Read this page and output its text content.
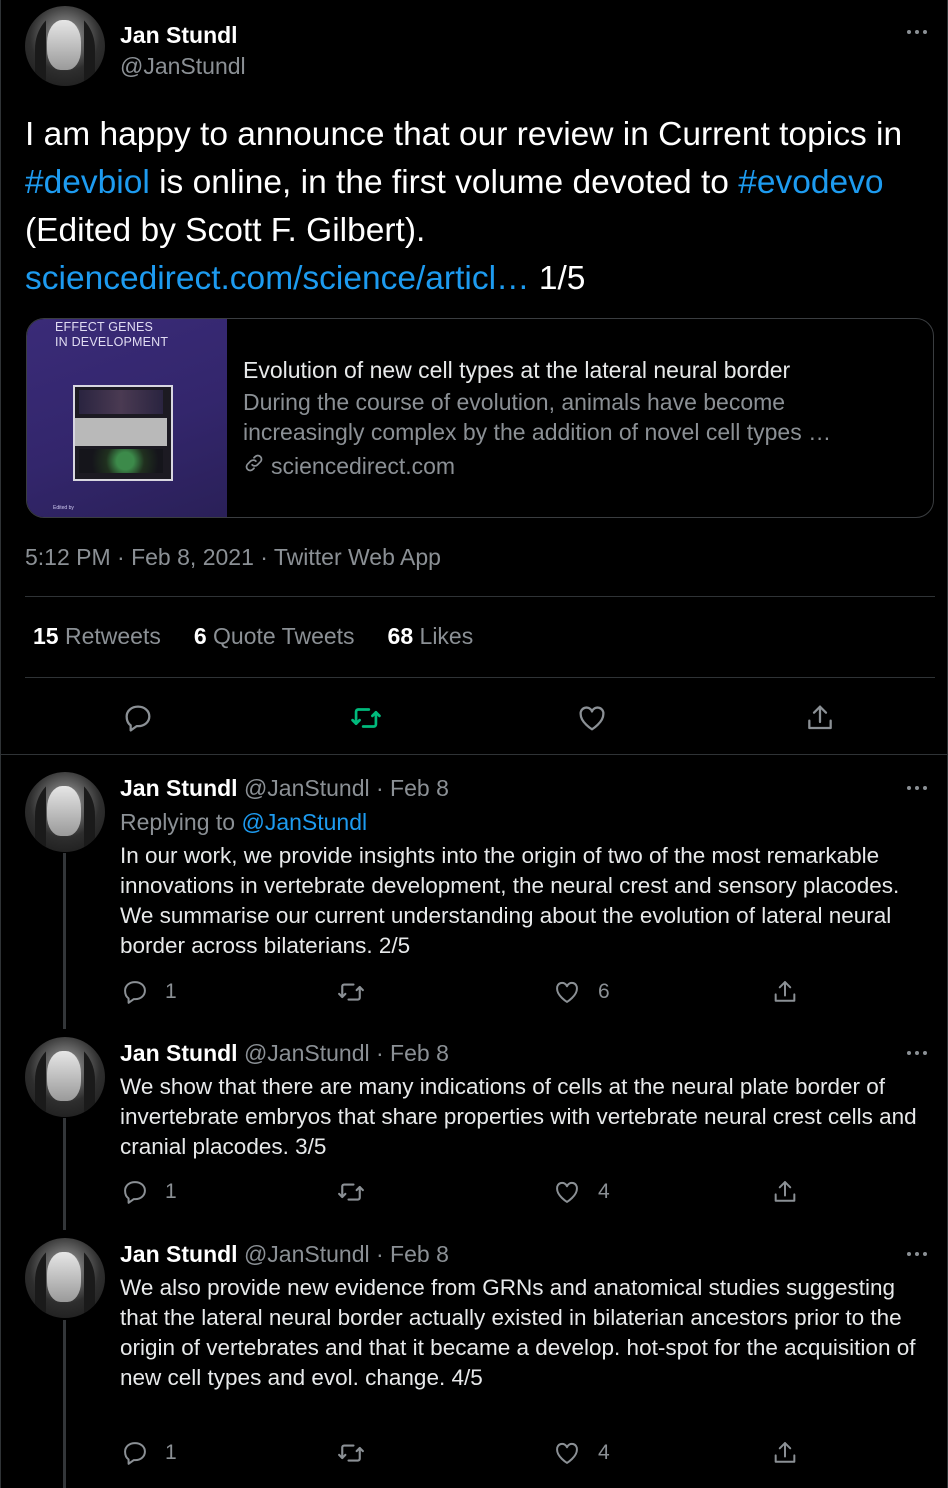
Jan Stundl
@JanStundl
I am happy to announce that our review in Current topics in #devbiol is online, in the first volume devoted to #evodevo (Edited by Scott F. Gilbert).
sciencedirect.com/science/articl… 1/5
EFFECT GENES
IN DEVELOPMENT
Edited by
Evolution of new cell types at the lateral neural border
During the course of evolution, animals have become
increasingly complex by the addition of novel cell types …
sciencedirect.com
5:12 PM · Feb 8, 2021 · Twitter Web App
15 Retweets 6 Quote Tweets 68 Likes
Jan Stundl @JanStundl · Feb 8
Replying to @JanStundl
In our work, we provide insights into the origin of two of the most remarkable innovations in vertebrate development, the neural crest and sensory placodes. We summarise our current understanding about the evolution of lateral neural border across bilaterians. 2/5
1	6
Jan Stundl @JanStundl · Feb 8
We show that there are many indications of cells at the neural plate border of invertebrate embryos that share properties with vertebrate neural crest cells and cranial placodes. 3/5
1	4
Jan Stundl @JanStundl · Feb 8
We also provide new evidence from GRNs and anatomical studies suggesting that the lateral neural border actually existed in bilaterian ancestors prior to the origin of vertebrates and that it became a develop. hot-spot for the acquisition of new cell types and evol. change. 4/5
1	4
